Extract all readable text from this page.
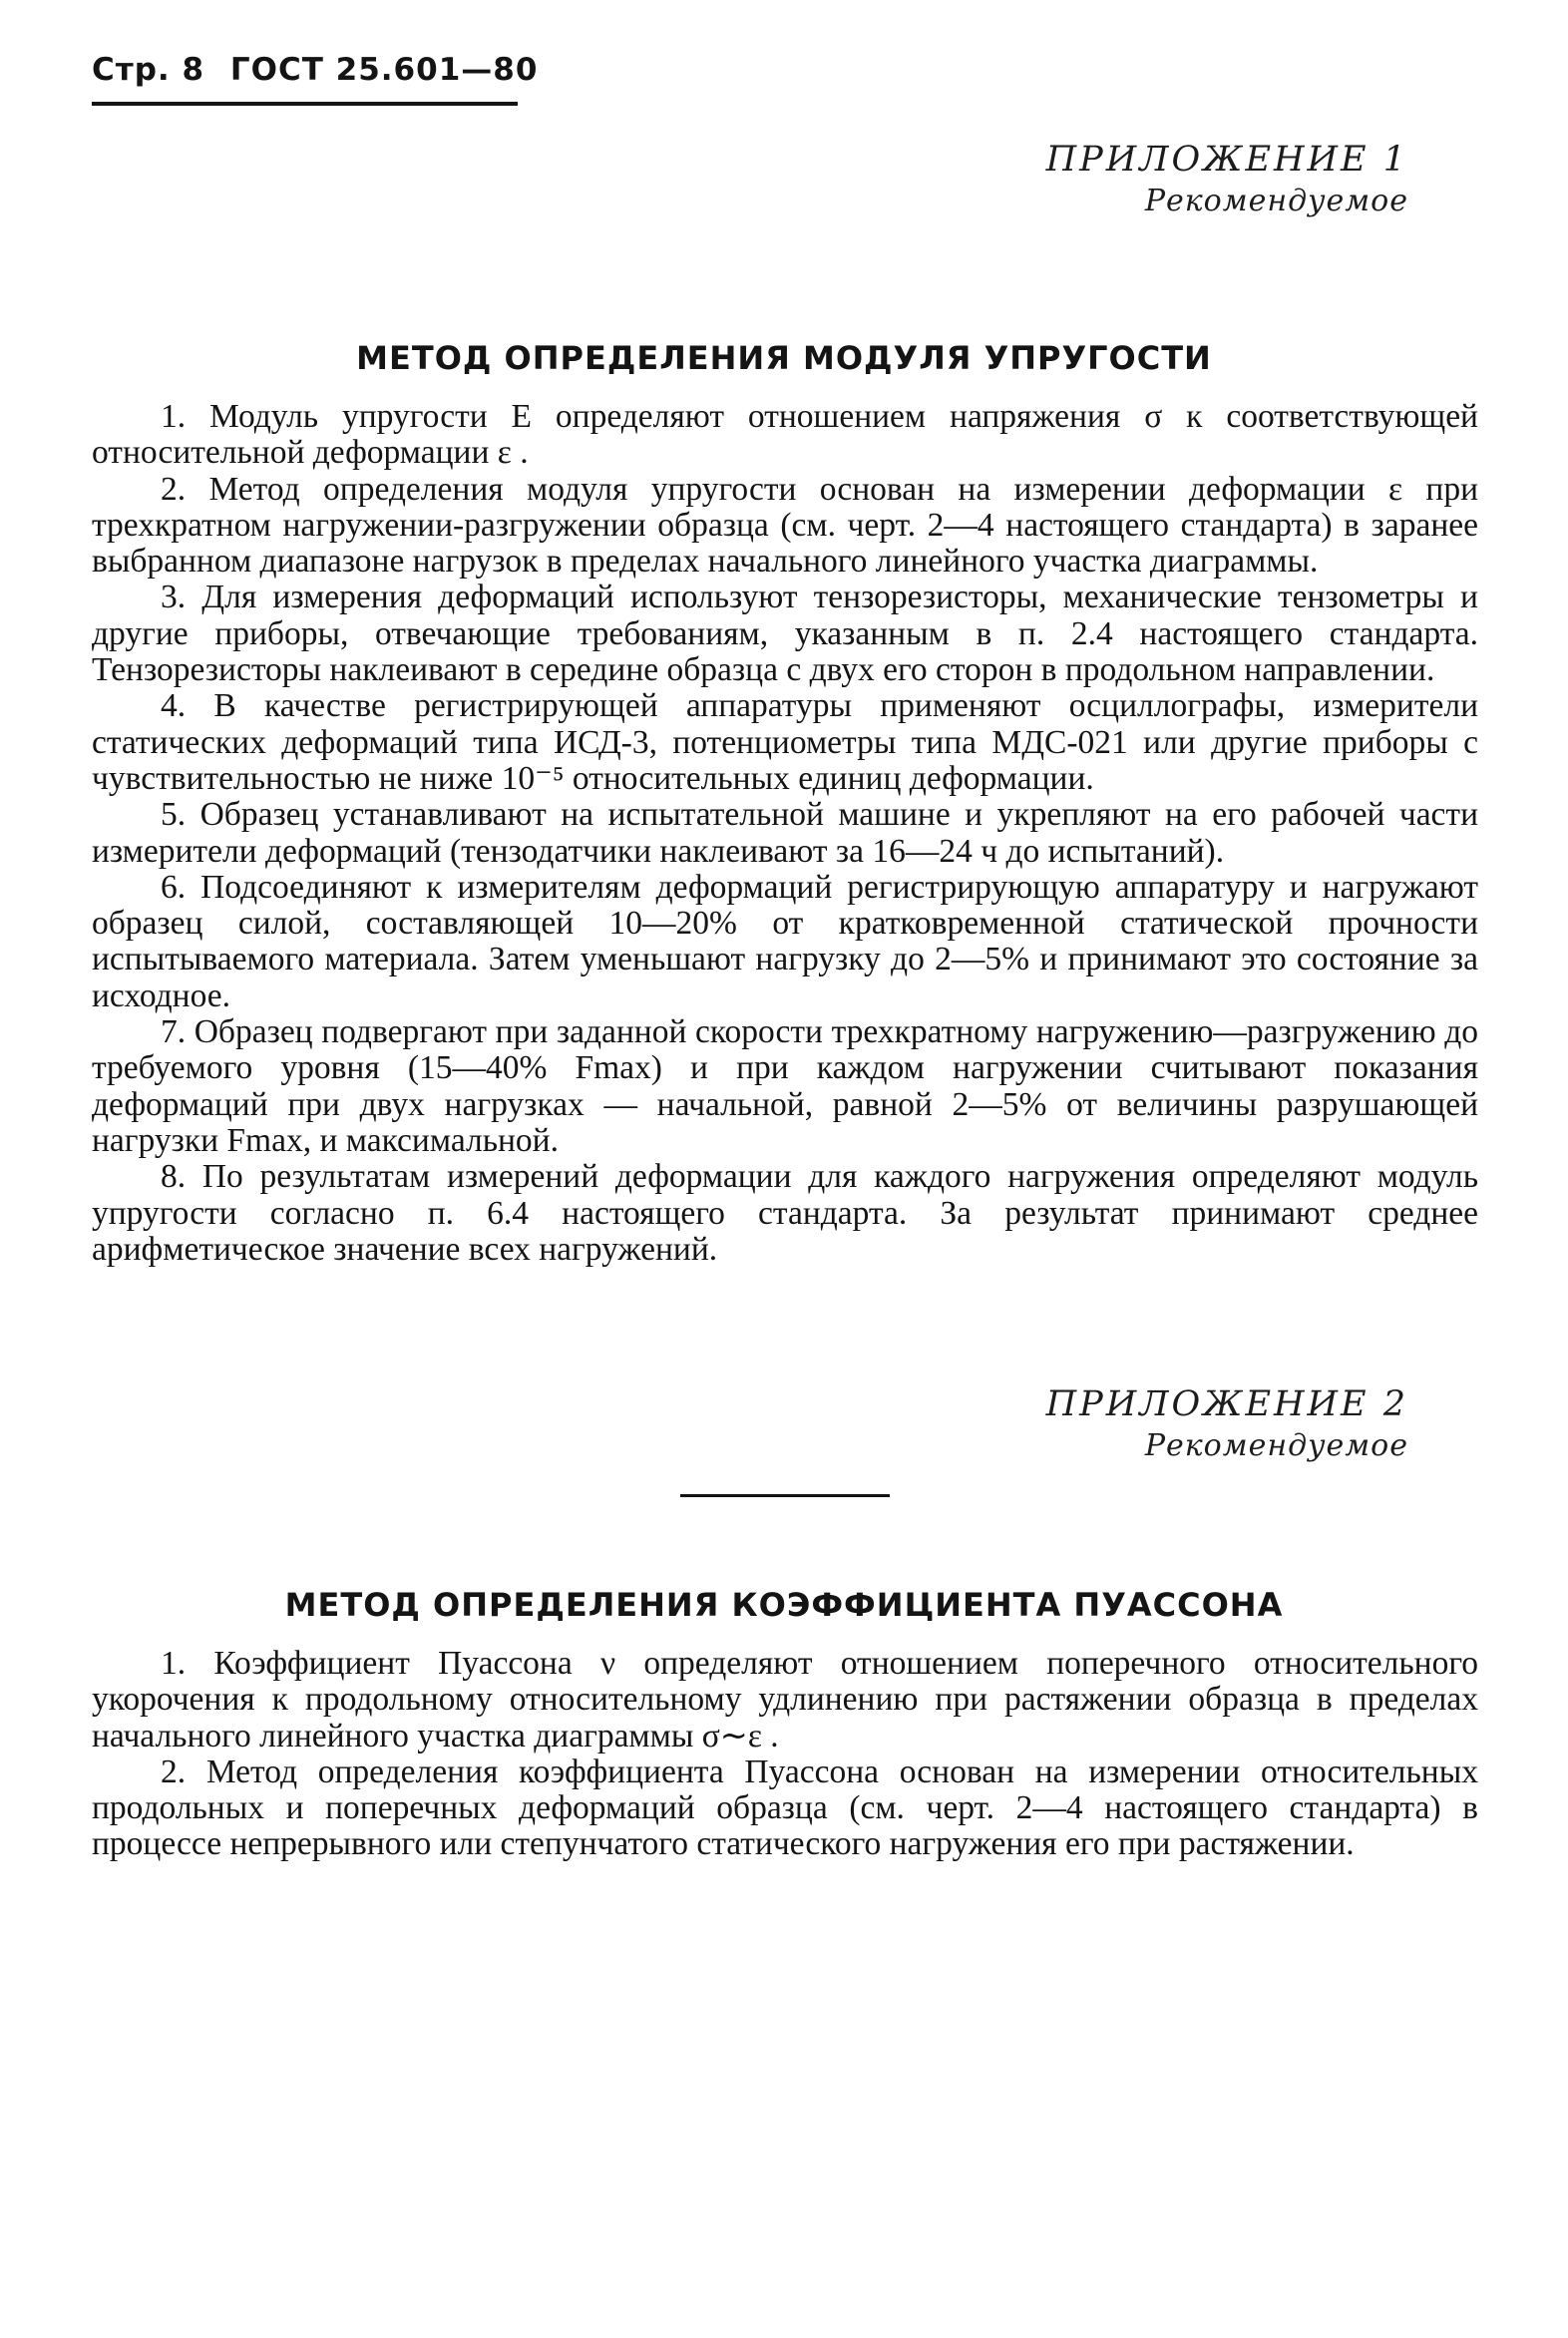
Стр. 8 ГОСТ 25.601—80
ПРИЛОЖЕНИЕ 1
Рекомендуемое
МЕТОД ОПРЕДЕЛЕНИЯ МОДУЛЯ УПРУГОСТИ

1. Модуль упругости E определяют отношением напряжения σ к соответствующей относительной деформации ε .

2. Метод определения модуля упругости основан на измерении деформации ε при трехкратном нагружении-разгружении образца (см. черт. 2—4 настоящего стандарта) в заранее выбранном диапазоне нагрузок в пределах начального линейного участка диаграммы.

3. Для измерения деформаций используют тензорезисторы, механические тензометры и другие приборы, отвечающие требованиям, указанным в п. 2.4 настоящего стандарта. Тензорезисторы наклеивают в середине образца с двух его сторон в продольном направлении.

4. В качестве регистрирующей аппаратуры применяют осциллографы, измерители статических деформаций типа ИСД-3, потенциометры типа МДС-021 или другие приборы с чувствительностью не ниже 10⁻⁵ относительных единиц деформации.

5. Образец устанавливают на испытательной машине и укрепляют на его рабочей части измерители деформаций (тензодатчики наклеивают за 16—24 ч до испытаний).

6. Подсоединяют к измерителям деформаций регистрирующую аппаратуру и нагружают образец силой, составляющей 10—20% от кратковременной статической прочности испытываемого материала. Затем уменьшают нагрузку до 2—5% и принимают это состояние за исходное.

7. Образец подвергают при заданной скорости трехкратному нагружению—разгружению до требуемого уровня (15—40% Fmax) и при каждом нагружении считывают показания деформаций при двух нагрузках — начальной, равной 2—5% от величины разрушающей нагрузки Fmax, и максимальной.

8. По результатам измерений деформации для каждого нагружения определяют модуль упругости согласно п. 6.4 настоящего стандарта. За результат принимают среднее арифметическое значение всех нагружений.

ПРИЛОЖЕНИЕ 2
Рекомендуемое
МЕТОД ОПРЕДЕЛЕНИЯ КОЭФФИЦИЕНТА ПУАССОНА

1. Коэффициент Пуассона ν определяют отношением поперечного относительного укорочения к продольному относительному удлинению при растяжении образца в пределах начального линейного участка диаграммы σ∼ε .

2. Метод определения коэффициента Пуассона основан на измерении относительных продольных и поперечных деформаций образца (см. черт. 2—4 настоящего стандарта) в процессе непрерывного или степунчатого статического нагружения его при растяжении.
